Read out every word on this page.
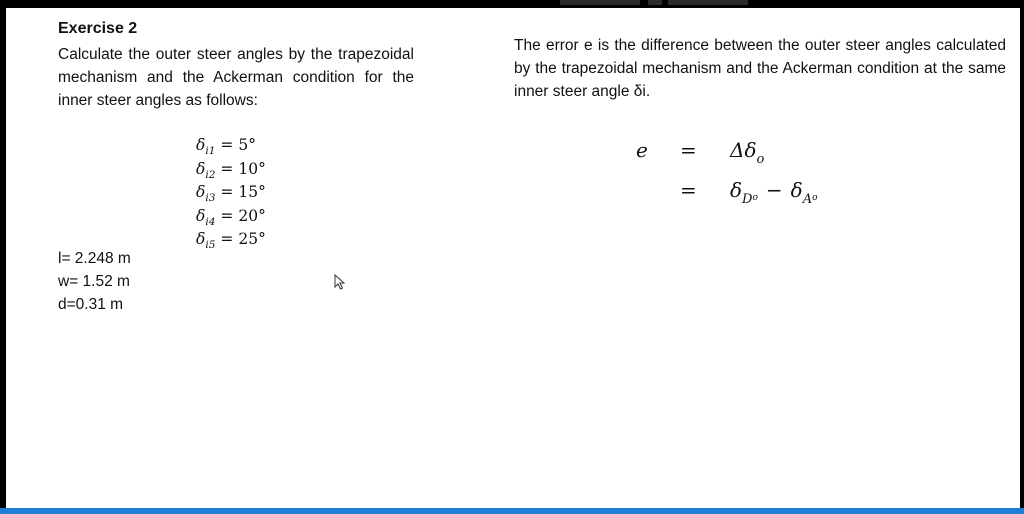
Exercise 2
Calculate the outer steer angles by the trapezoidal mechanism and the Ackerman condition for the inner steer angles as follows:
$\delta_{i1} = 5^\circ$
$\delta_{i2} = 10^\circ$
$\delta_{i3} = 15^\circ$
$\delta_{i4} = 20^\circ$
$\delta_{i5} = 25^\circ$
l= 2.248 m
w= 1.52 m
d=0.31 m
The error e is the difference between the outer steer angles calculated by the trapezoidal mechanism and the Ackerman condition at the same inner steer angle δi.
$e = \Delta\delta_o$
= $\delta_Do - \delta_Ao$
